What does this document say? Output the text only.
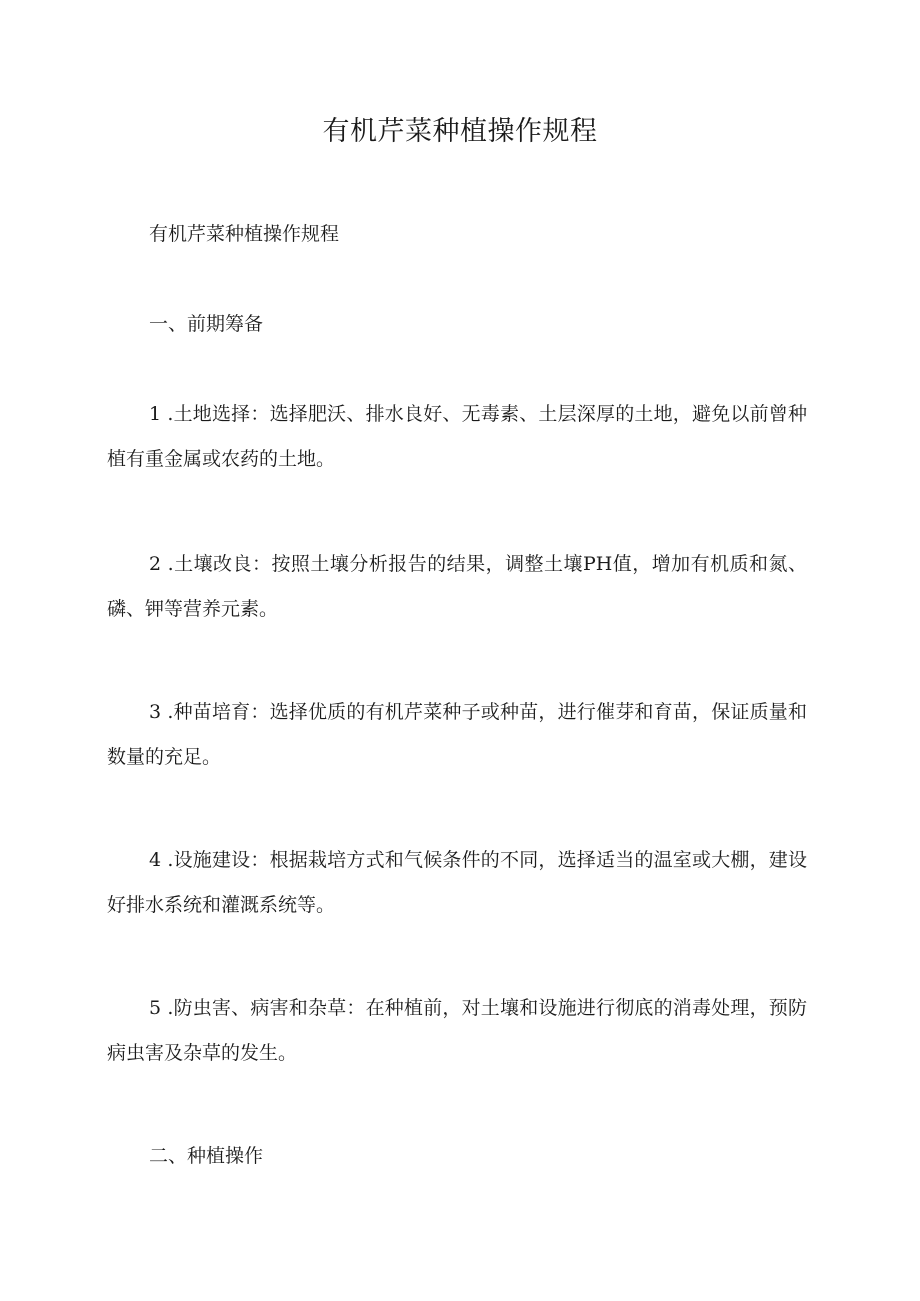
有机芹菜种植操作规程
有机芹菜种植操作规程
一、前期筹备
1 .土地选择：选择肥沃、排水良好、无毒素、土层深厚的土地，避免以前曾种植有重金属或农药的土地。
2 .土壤改良：按照土壤分析报告的结果，调整土壤PH值，增加有机质和氮、磷、钾等营养元素。
3 .种苗培育：选择优质的有机芹菜种子或种苗，进行催芽和育苗，保证质量和数量的充足。
4 .设施建设：根据栽培方式和气候条件的不同，选择适当的温室或大棚，建设好排水系统和灌溉系统等。
5 .防虫害、病害和杂草：在种植前，对土壤和设施进行彻底的消毒处理，预防病虫害及杂草的发生。
二、种植操作
